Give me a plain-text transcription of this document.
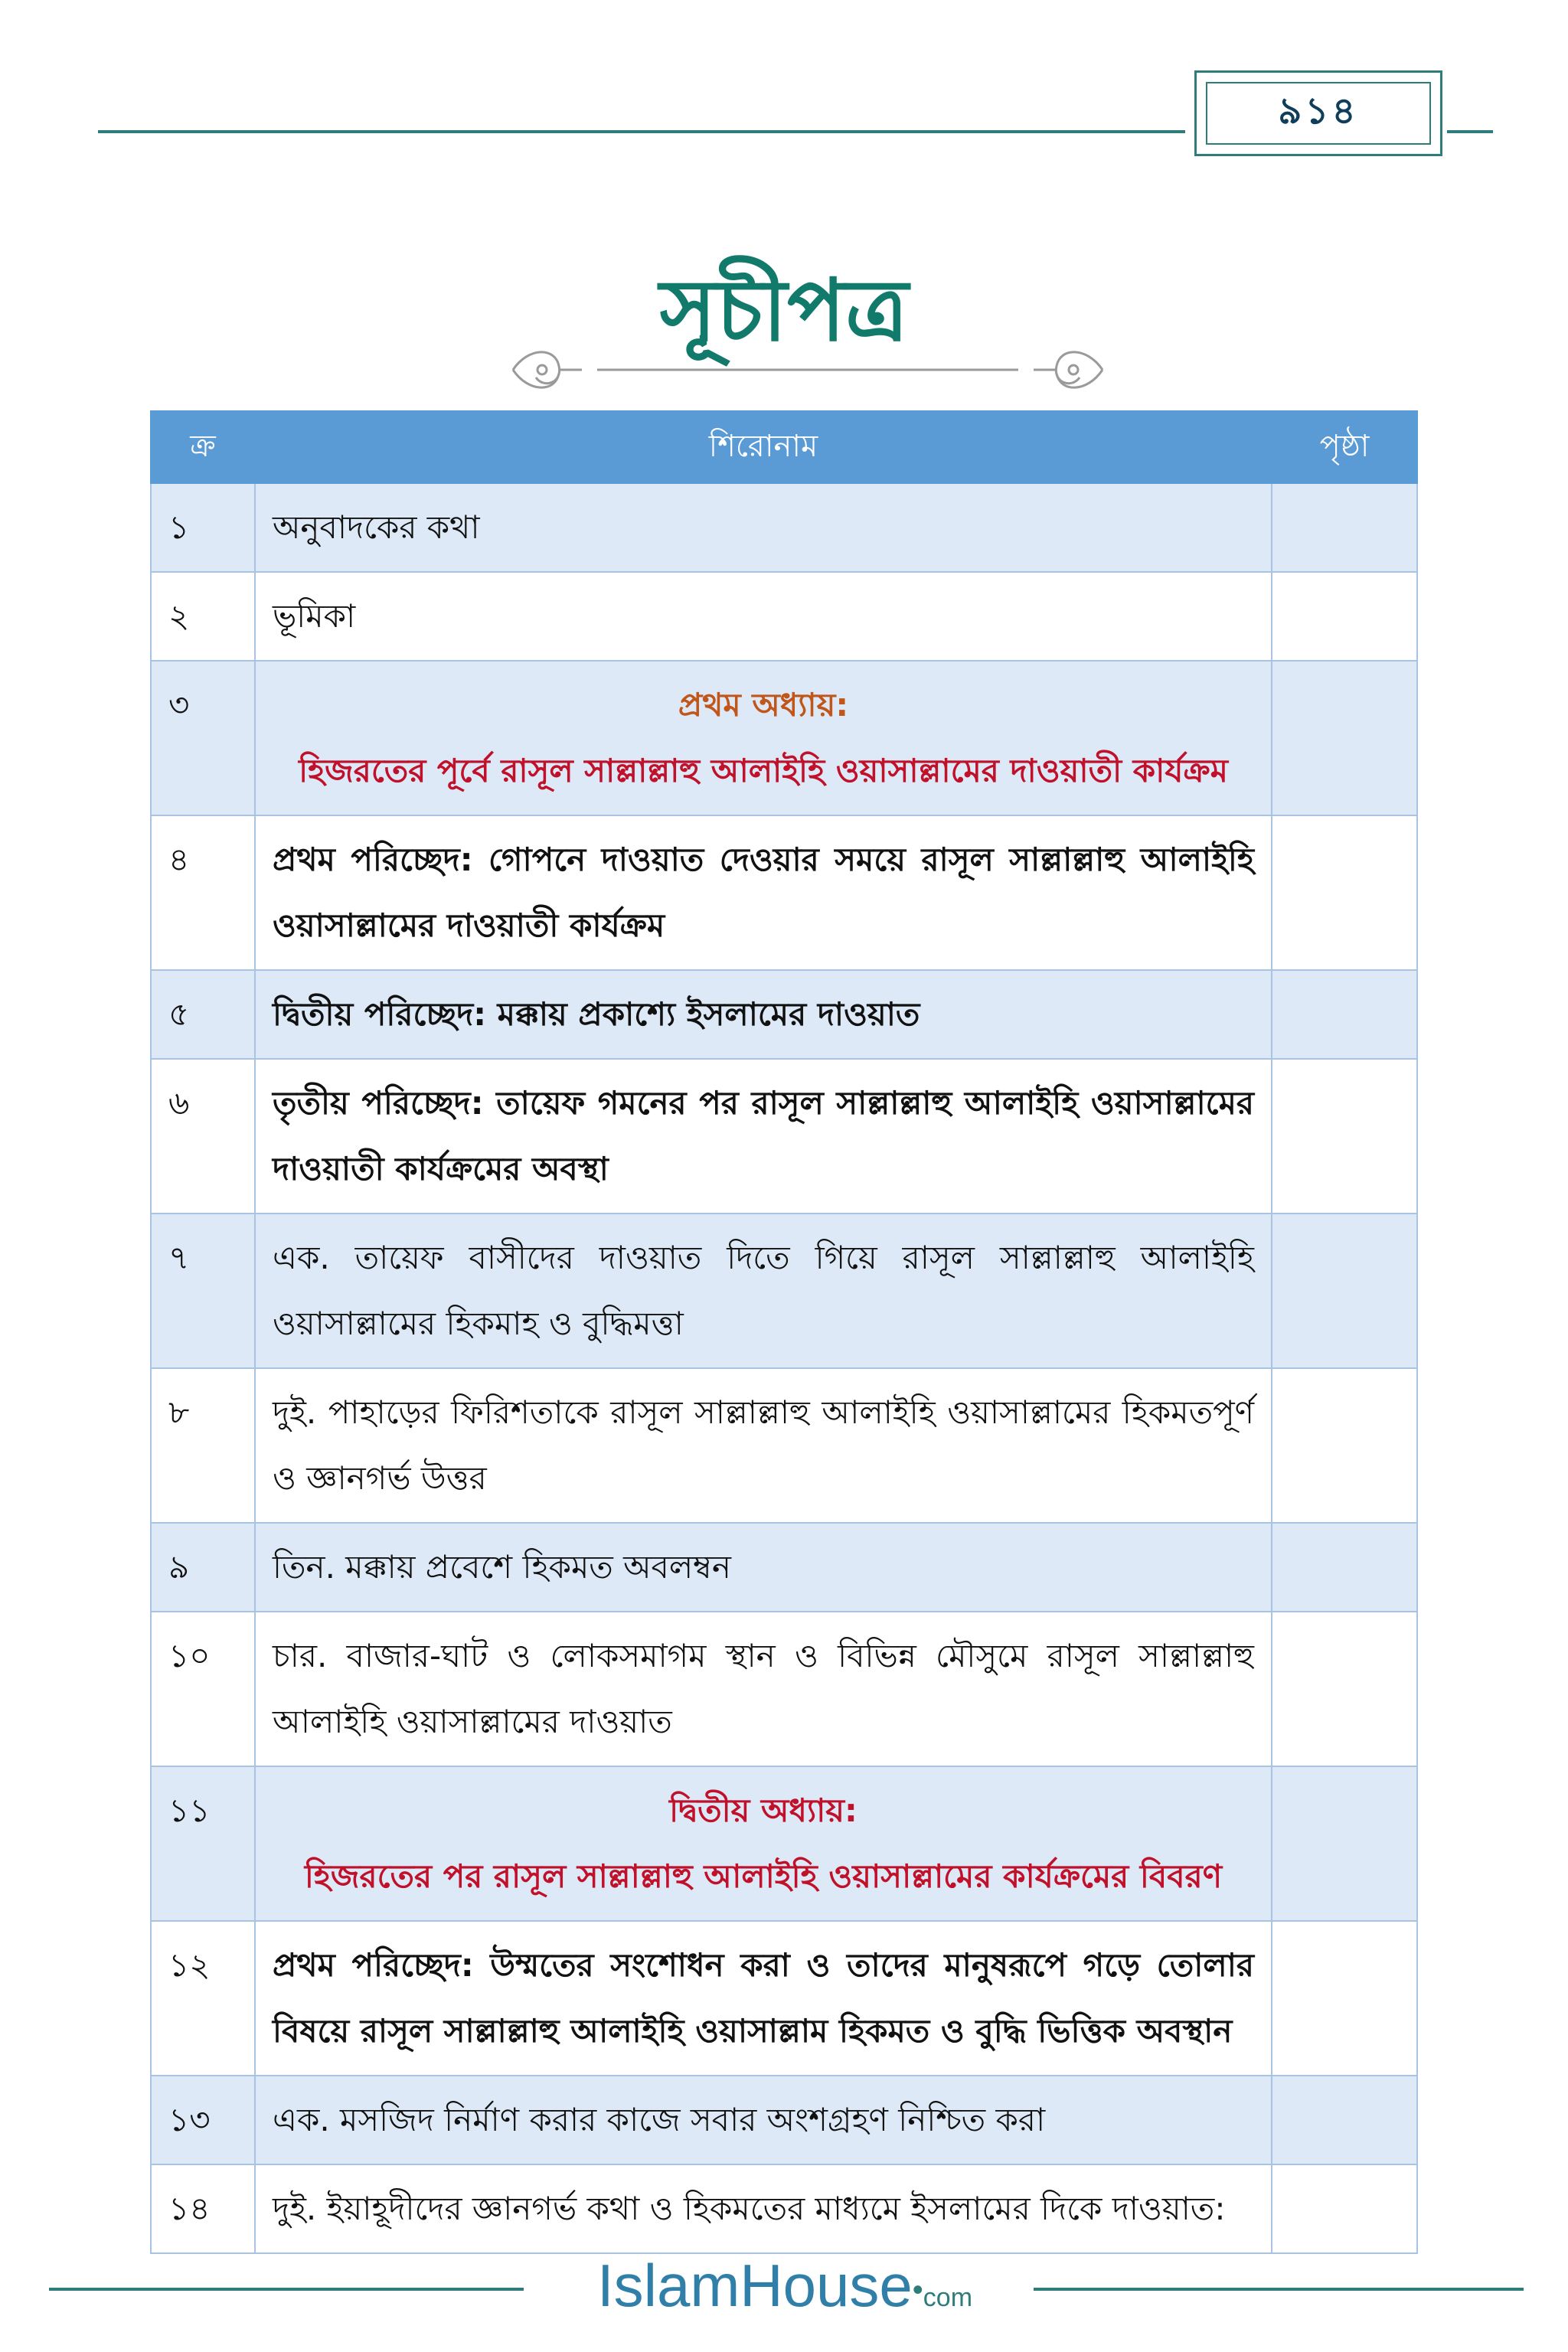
৯১৪
সূচীপত্র
ক্র	শিরোনাম	পৃষ্ঠা
১	অনুবাদকের কথা	
২	ভূমিকা	
৩	প্রথম অধ্যায়:
হিজরতের পূর্বে রাসূল সাল্লাল্লাহু আলাইহি ওয়াসাল্লামের দাওয়াতী কার্যক্রম	

৪	প্রথম পরিচ্ছেদ: গোপনে দাওয়াত দেওয়ার সময়ে রাসূল সাল্লাল্লাহু আলাইহি ওয়াসাল্লামের দাওয়াতী কার্যক্রম	
৫	দ্বিতীয় পরিচ্ছেদ: মক্কায় প্রকাশ্যে ইসলামের দাওয়াত	
৬	তৃতীয় পরিচ্ছেদ: তায়েফ গমনের পর রাসূল সাল্লাল্লাহু আলাইহি ওয়াসাল্লামের দাওয়াতী কার্যক্রমের অবস্থা	
৭	এক. তায়েফ বাসীদের দাওয়াত দিতে গিয়ে রাসূল সাল্লাল্লাহু আলাইহি ওয়াসাল্লামের হিকমাহ ও বুদ্ধিমত্তা	
৮	দুই. পাহাড়ের ফিরিশতাকে রাসূল সাল্লাল্লাহু আলাইহি ওয়াসাল্লামের হিকমতপূর্ণ ও জ্ঞানগর্ভ উত্তর	
৯	তিন. মক্কায় প্রবেশে হিকমত অবলম্বন	
১০	চার. বাজার-ঘাট ও লোকসমাগম স্থান ও বিভিন্ন মৌসুমে রাসূল সাল্লাল্লাহু আলাইহি ওয়াসাল্লামের দাওয়াত	
১১	দ্বিতীয় অধ্যায়:
হিজরতের পর রাসূল সাল্লাল্লাহু আলাইহি ওয়াসাল্লামের কার্যক্রমের বিবরণ	

১২	প্রথম পরিচ্ছেদ: উম্মতের সংশোধন করা ও তাদের মানুষরূপে গড়ে তোলার বিষয়ে রাসূল সাল্লাল্লাহু আলাইহি ওয়াসাল্লাম হিকমত ও বুদ্ধি ভিত্তিক অবস্থান	
১৩	এক. মসজিদ নির্মাণ করার কাজে সবার অংশগ্রহণ নিশ্চিত করা	
১৪	দুই. ইয়াহূদীদের জ্ঞানগর্ভ কথা ও হিকমতের মাধ্যমে ইসলামের দিকে দাওয়াত:	
IslamHouse•com
